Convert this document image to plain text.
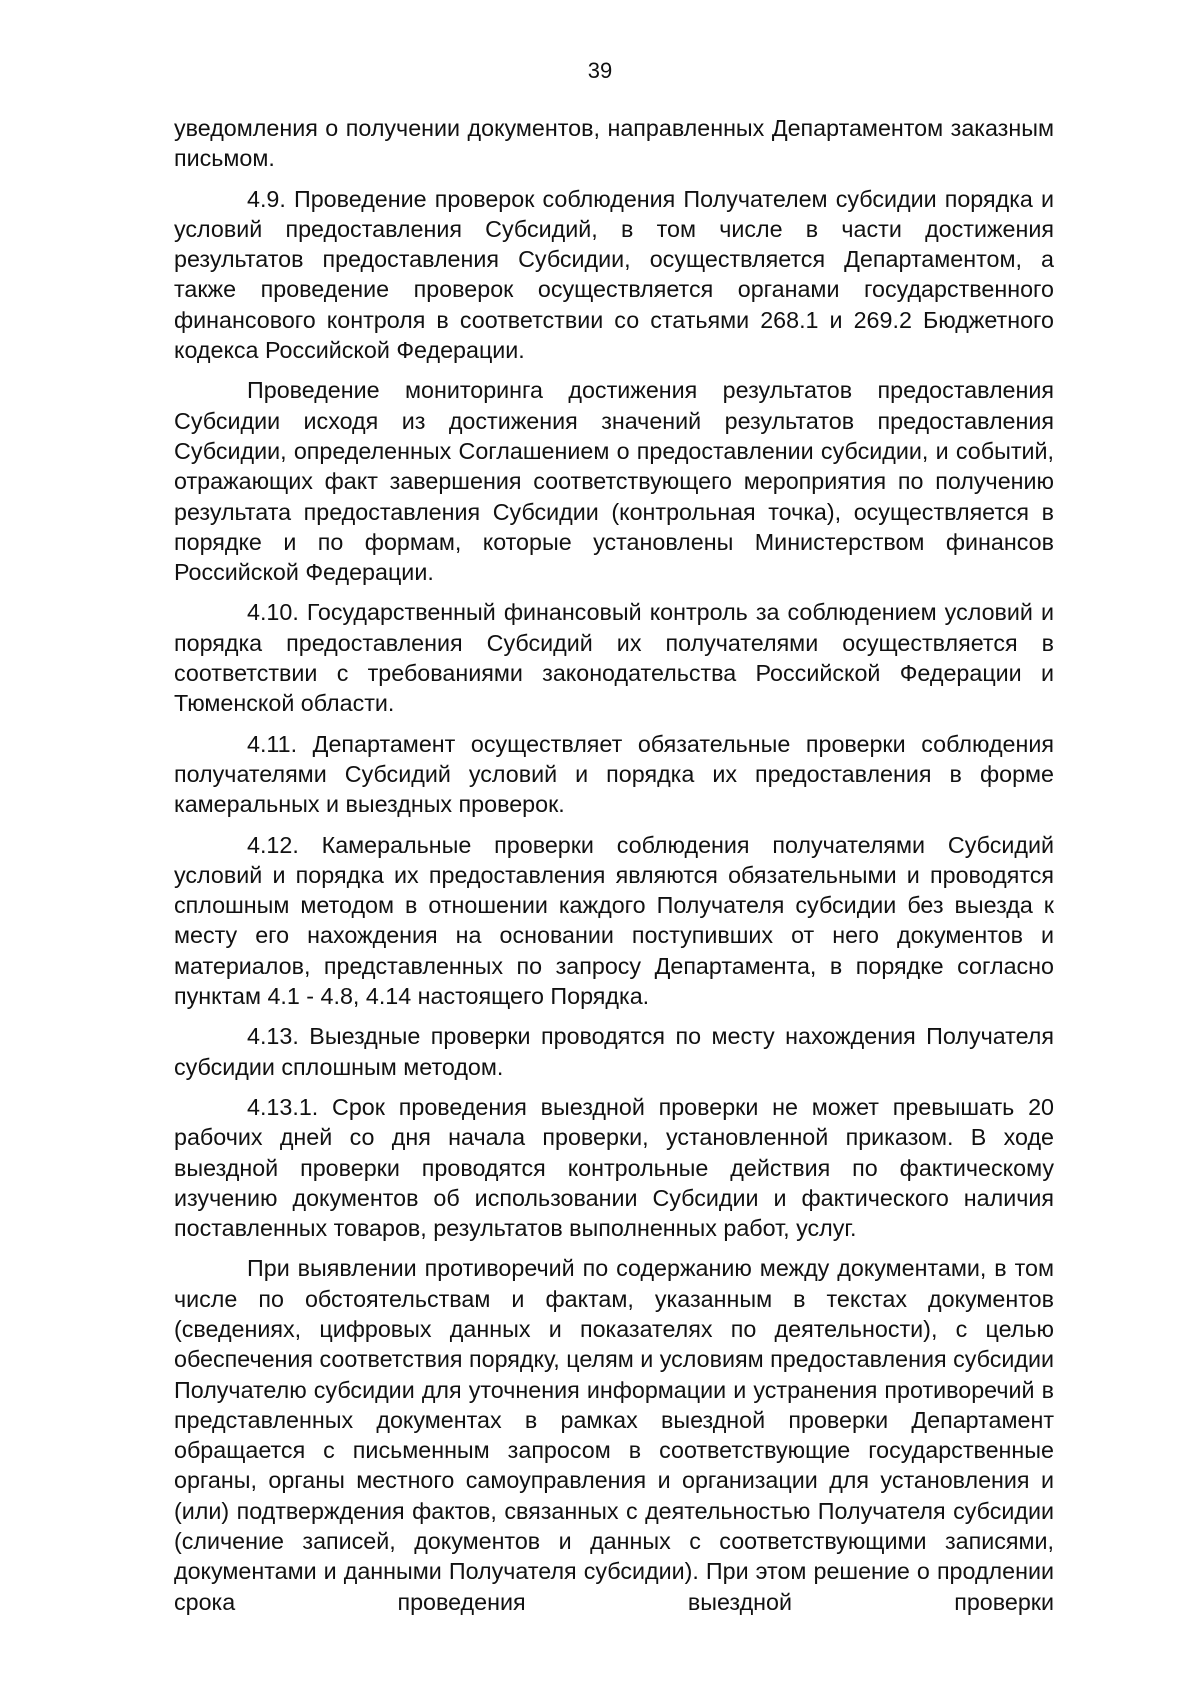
39

уведомления о получении документов, направленных Департаментом заказным письмом.

4.9. Проведение проверок соблюдения Получателем субсидии порядка и условий предоставления Субсидий, в том числе в части достижения результатов предоставления Субсидии, осуществляется Департаментом, а также проведение проверок осуществляется органами государственного финансового контроля в соответствии со статьями 268.1 и 269.2 Бюджетного кодекса Российской Федерации.

Проведение мониторинга достижения результатов предоставления Субсидии исходя из достижения значений результатов предоставления Субсидии, определенных Соглашением о предоставлении субсидии, и событий, отражающих факт завершения соответствующего мероприятия по получению результата предоставления Субсидии (контрольная точка), осуществляется в порядке и по формам, которые установлены Министерством финансов Российской Федерации.

4.10. Государственный финансовый контроль за соблюдением условий и порядка предоставления Субсидий их получателями осуществляется в соответствии с требованиями законодательства Российской Федерации и Тюменской области.

4.11. Департамент осуществляет обязательные проверки соблюдения получателями Субсидий условий и порядка их предоставления в форме камеральных и выездных проверок.

4.12. Камеральные проверки соблюдения получателями Субсидий условий и порядка их предоставления являются обязательными и проводятся сплошным методом в отношении каждого Получателя субсидии без выезда к месту его нахождения на основании поступивших от него документов и материалов, представленных по запросу Департамента, в порядке согласно пунктам 4.1 - 4.8, 4.14 настоящего Порядка.

4.13. Выездные проверки проводятся по месту нахождения Получателя субсидии сплошным методом.

4.13.1. Срок проведения выездной проверки не может превышать 20 рабочих дней со дня начала проверки, установленной приказом. В ходе выездной проверки проводятся контрольные действия по фактическому изучению документов об использовании Субсидии и фактического наличия поставленных товаров, результатов выполненных работ, услуг.

При выявлении противоречий по содержанию между документами, в том числе по обстоятельствам и фактам, указанным в текстах документов (сведениях, цифровых данных и показателях по деятельности), с целью обеспечения соответствия порядку, целям и условиям предоставления субсидии Получателю субсидии для уточнения информации и устранения противоречий в представленных документах в рамках выездной проверки Департамент обращается с письменным запросом в соответствующие государственные органы, органы местного самоуправления и организации для установления и (или) подтверждения фактов, связанных с деятельностью Получателя субсидии (сличение записей, документов и данных с соответствующими записями, документами и данными Получателя субсидии). При этом решение о продлении срока проведения выездной проверки
